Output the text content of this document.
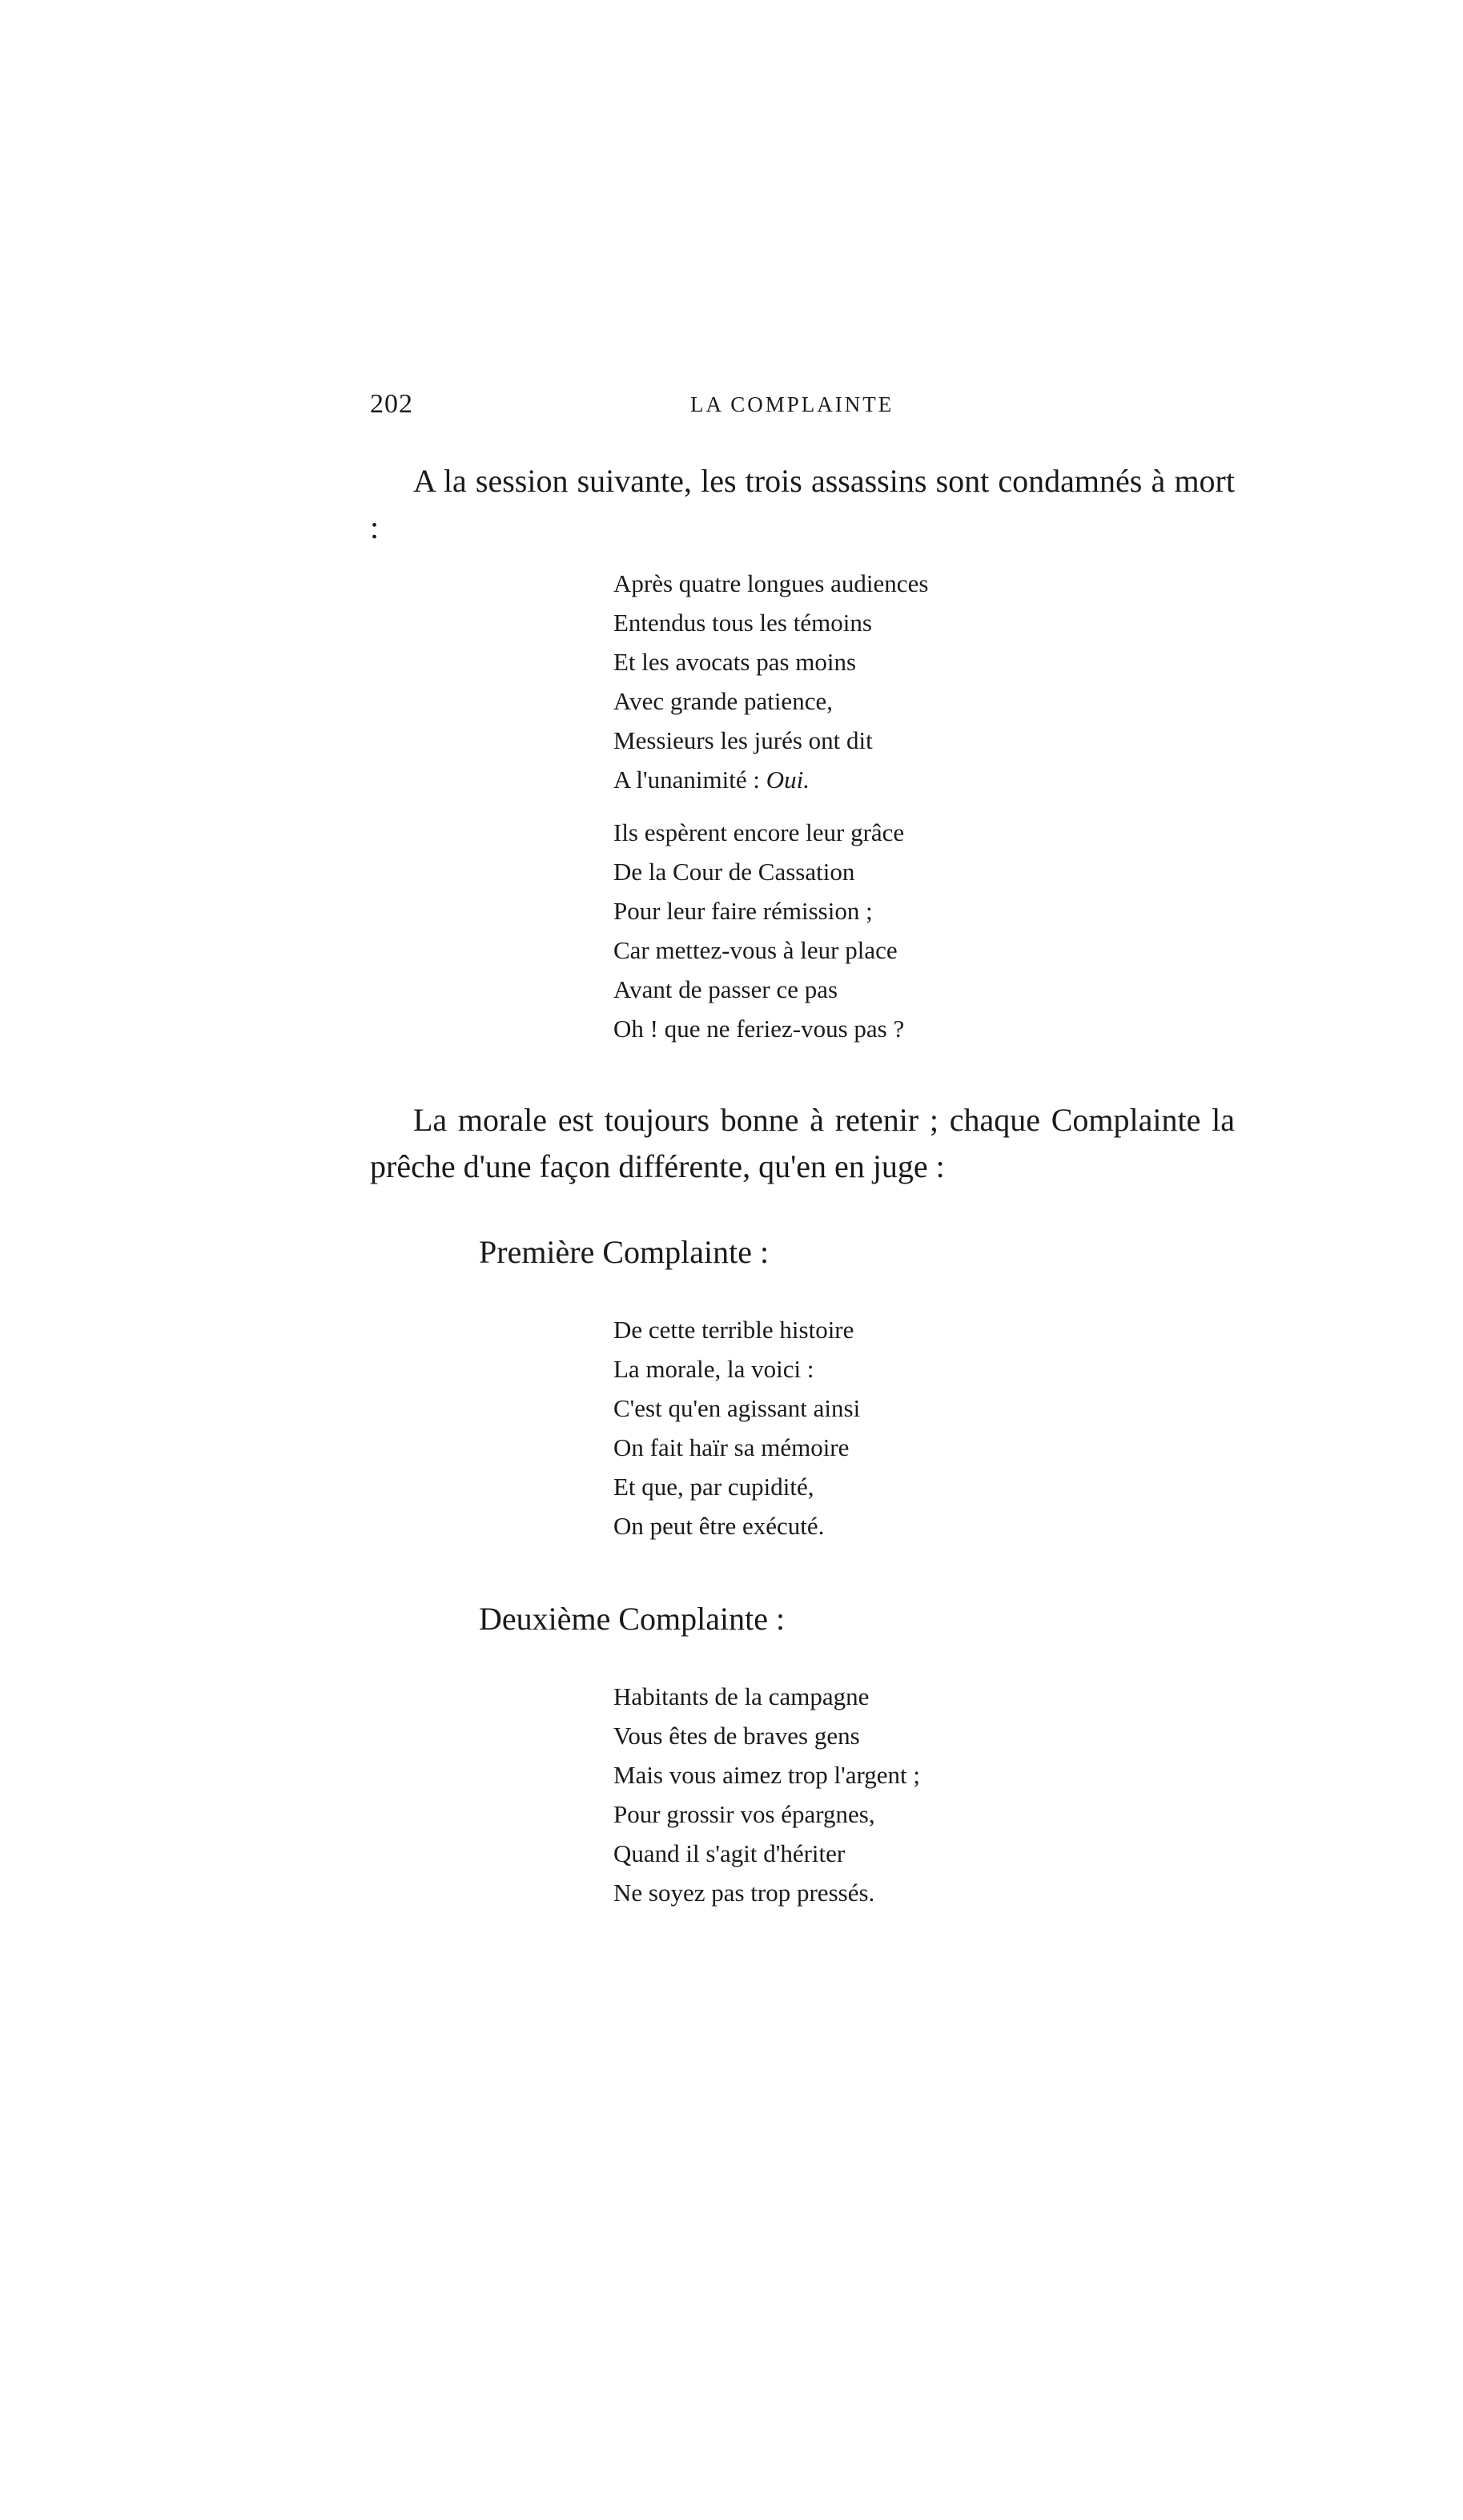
202	LA COMPLAINTE

A la session suivante, les trois assassins sont condamnés à mort :

Après quatre longues audiences
Entendus tous les témoins
Et les avocats pas moins
Avec grande patience,
Messieurs les jurés ont dit
A l'unanimité : Oui.
Ils espèrent encore leur grâce
De la Cour de Cassation
Pour leur faire rémission ;
Car mettez-vous à leur place
Avant de passer ce pas
Oh ! que ne feriez-vous pas ?

La morale est toujours bonne à retenir ; chaque Complainte la prêche d'une façon différente, qu'en en juge :

Première Complainte :
De cette terrible histoire
La morale, la voici :
C'est qu'en agissant ainsi
On fait haïr sa mémoire
Et que, par cupidité,
On peut être exécuté.
Deuxième Complainte :
Habitants de la campagne
Vous êtes de braves gens
Mais vous aimez trop l'argent ;
Pour grossir vos épargnes,
Quand il s'agit d'hériter
Ne soyez pas trop pressés.
